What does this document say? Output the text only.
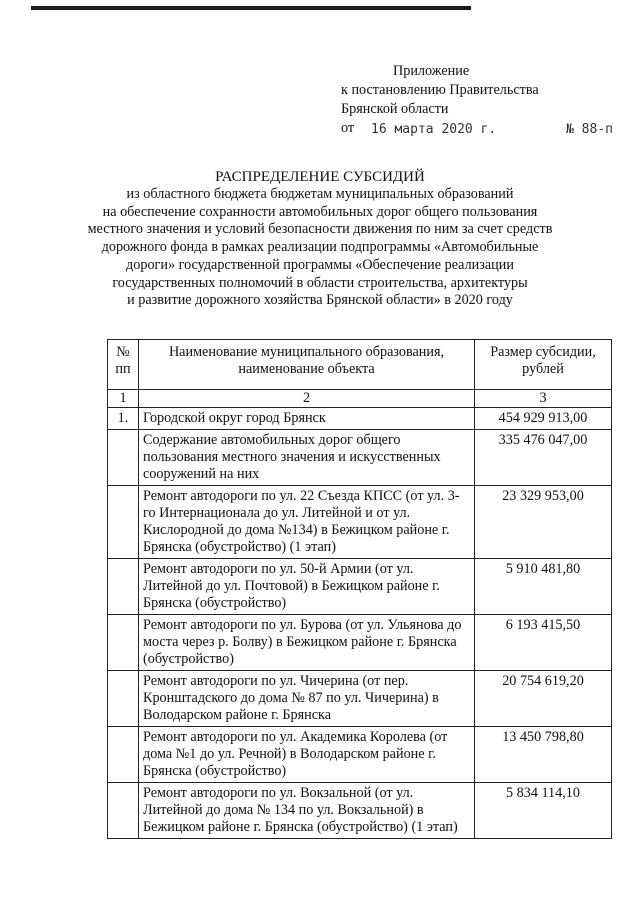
Приложение
к постановлению Правительства
Брянской области
от 16 марта 2020 г.	№ 88-п
РАСПРЕДЕЛЕНИЕ СУБСИДИЙ
из областного бюджета бюджетам муниципальных образований
на обеспечение сохранности автомобильных дорог общего пользования
местного значения и условий безопасности движения по ним за счет средств
дорожного фонда в рамках реализации подпрограммы «Автомобильные
дороги» государственной программы «Обеспечение реализации
государственных полномочий в области строительства, архитектуры
и развитие дорожного хозяйства Брянской области» в 2020 году
№ пп	Наименование муниципального образования, наименование объекта	Размер субсидии, рублей
1	2	3
1.	Городской округ город Брянск	454 929 913,00
	Содержание автомобильных дорог общего пользования местного значения и искусственных сооружений на них	335 476 047,00
	Ремонт автодороги по ул. 22 Съезда КПСС (от ул. 3-го Интернационала до ул. Литейной и от ул. Кислородной до дома №134) в Бежицком районе г. Брянска (обустройство) (1 этап)	23 329 953,00
	Ремонт автодороги по ул. 50-й Армии (от ул. Литейной до ул. Почтовой) в Бежицком районе г. Брянска (обустройство)	5 910 481,80
	Ремонт автодороги по ул. Бурова (от ул. Ульянова до моста через р. Болву) в Бежицком районе г. Брянска (обустройство)	6 193 415,50
	Ремонт автодороги по ул. Чичерина (от пер. Кронштадского до дома № 87 по ул. Чичерина) в Володарском районе г. Брянска	20 754 619,20
	Ремонт автодороги по ул. Академика Королева (от дома №1 до ул. Речной) в Володарском районе г. Брянска (обустройство)	13 450 798,80
	Ремонт автодороги по ул. Вокзальной (от ул. Литейной до дома № 134 по ул. Вокзальной) в Бежицком районе г. Брянска (обустройство) (1 этап)	5 834 114,10
